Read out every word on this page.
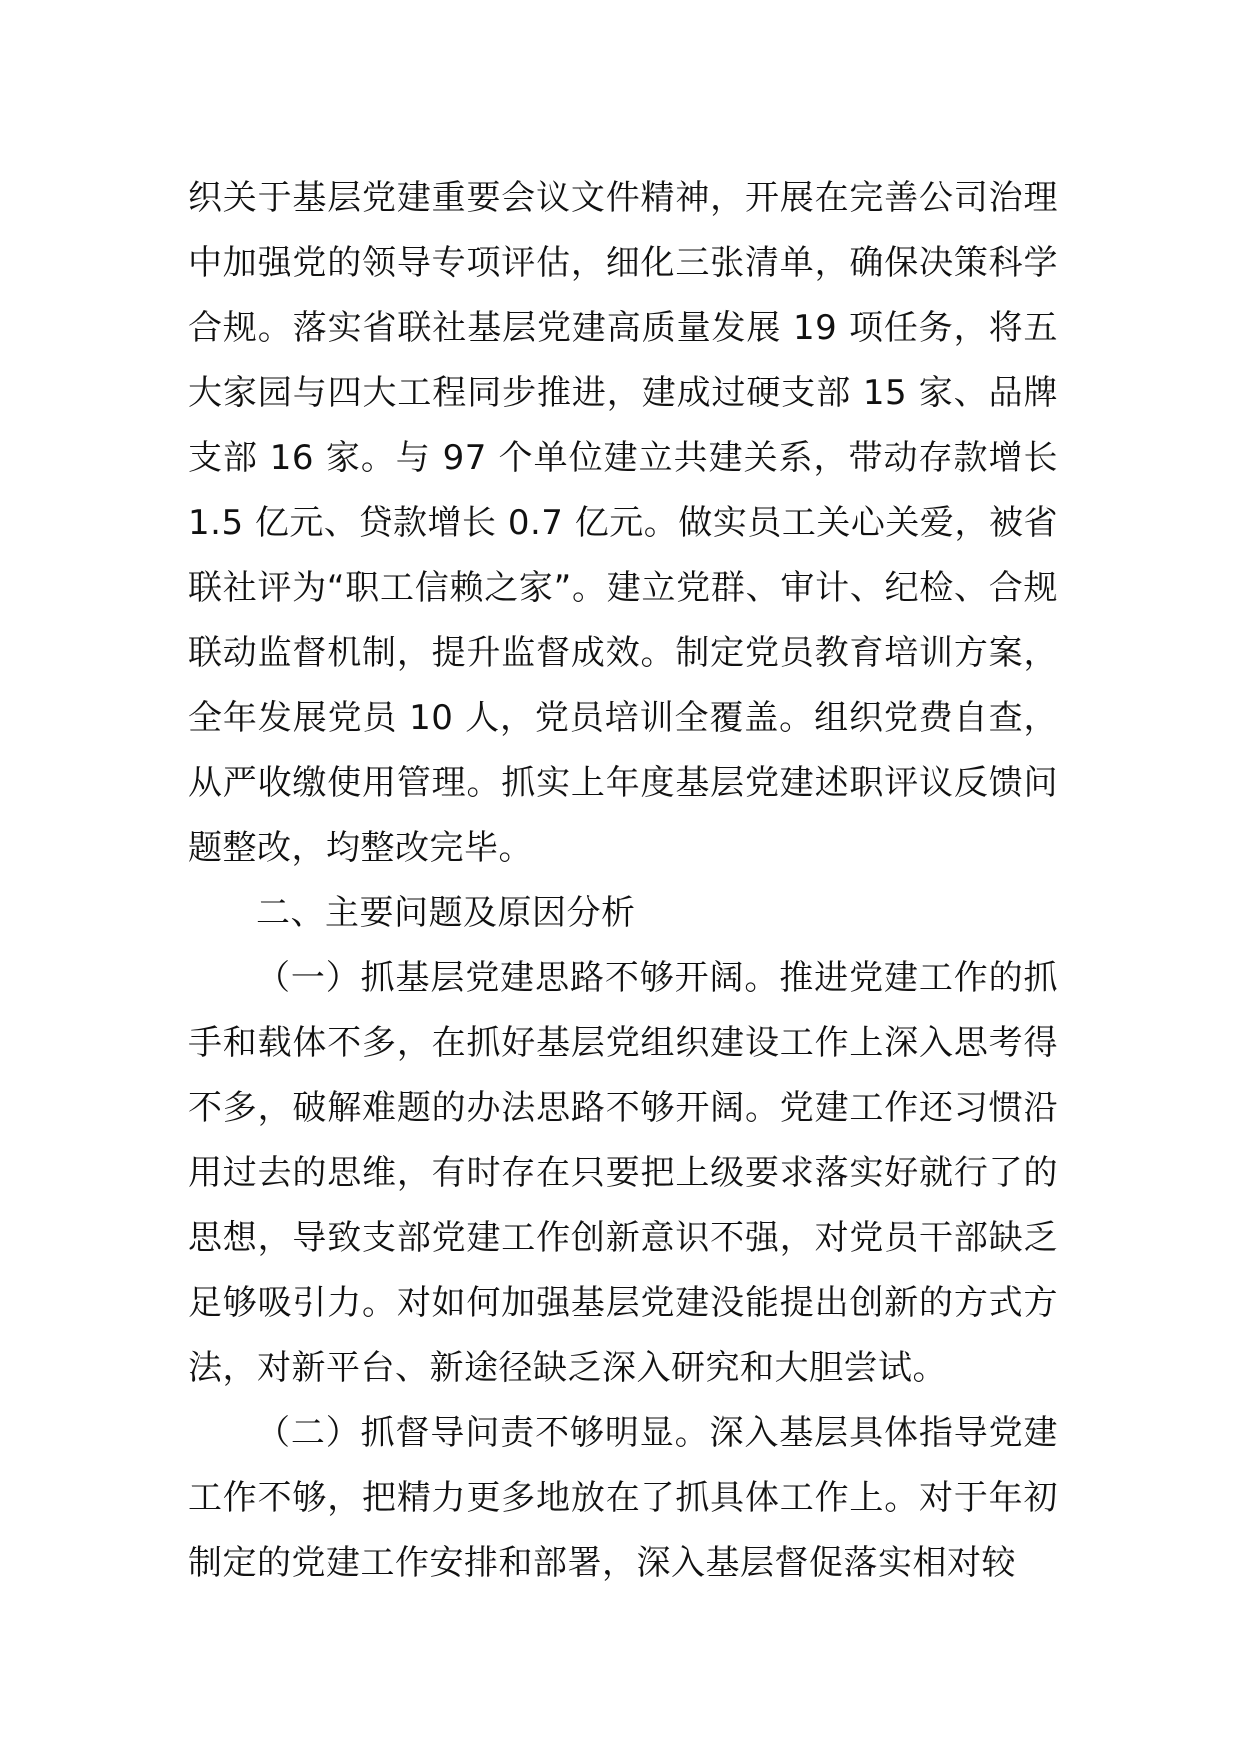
织关于基层党建重要会议文件精神，开展在完善公司治理中加强党的领导专项评估，细化三张清单，确保决策科学合规。落实省联社基层党建高质量发展 19 项任务，将五大家园与四大工程同步推进，建成过硬支部 15 家、品牌支部 16 家。与 97 个单位建立共建关系，带动存款增长 1.5 亿元、贷款增长 0.7 亿元。做实员工关心关爱，被省联社评为“职工信赖之家”。建立党群、审计、纪检、合规联动监督机制，提升监督成效。制定党员教育培训方案，全年发展党员 10 人，党员培训全覆盖。组织党费自查，从严收缴使用管理。抓实上年度基层党建述职评议反馈问题整改，均整改完毕。

二、主要问题及原因分析

（一）抓基层党建思路不够开阔。推进党建工作的抓手和载体不多，在抓好基层党组织建设工作上深入思考得不多，破解难题的办法思路不够开阔。党建工作还习惯沿用过去的思维，有时存在只要把上级要求落实好就行了的思想，导致支部党建工作创新意识不强，对党员干部缺乏足够吸引力。对如何加强基层党建没能提出创新的方式方法，对新平台、新途径缺乏深入研究和大胆尝试。

（二）抓督导问责不够明显。深入基层具体指导党建工作不够，把精力更多地放在了抓具体工作上。对于年初制定的党建工作安排和部署，深入基层督促落实相对较
